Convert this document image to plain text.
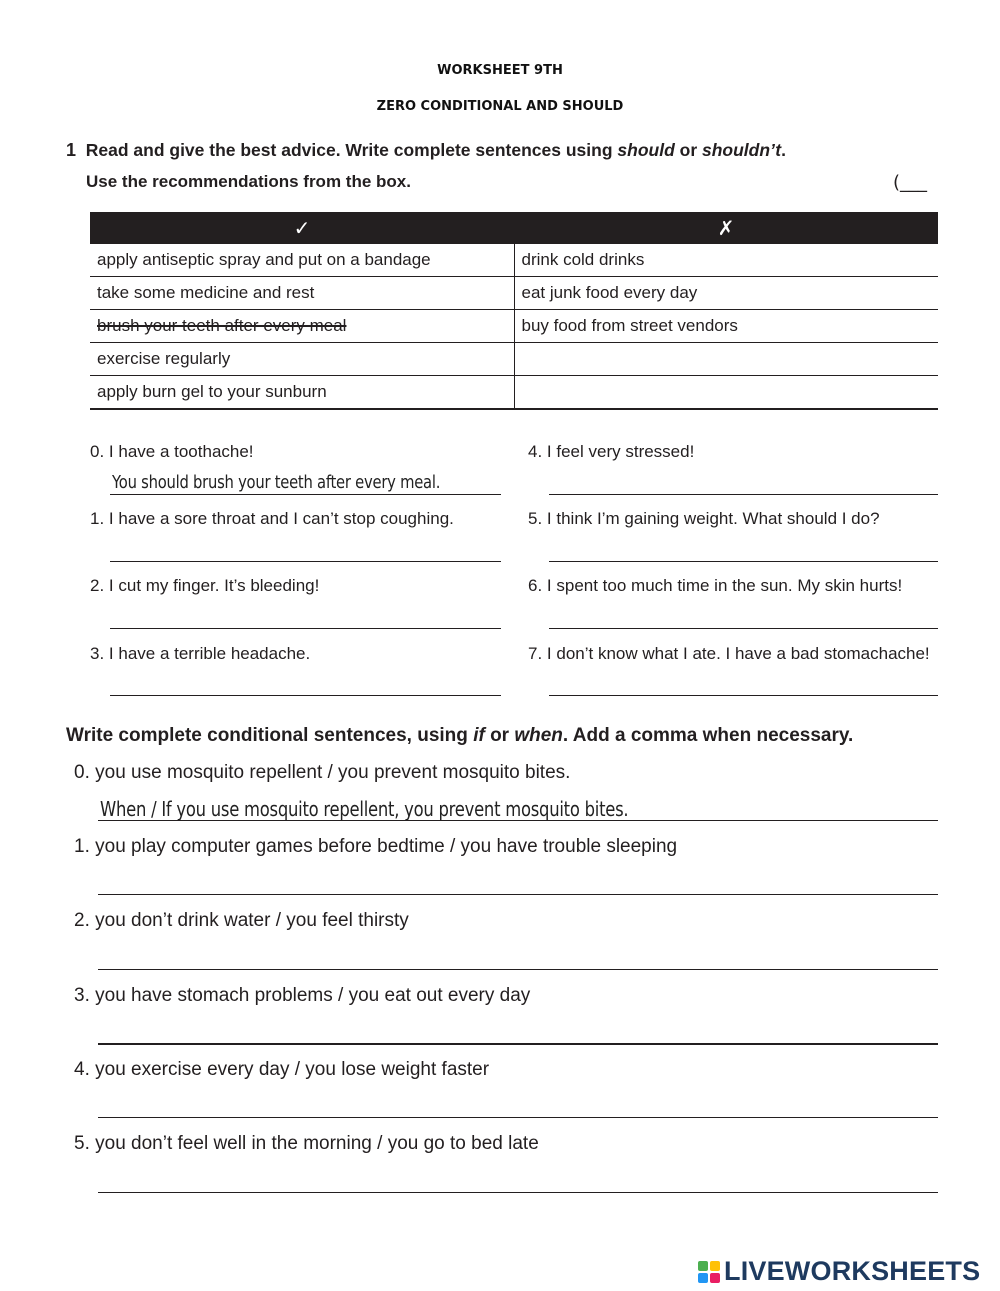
WORKSHEET 9TH
ZERO CONDITIONAL AND SHOULD
1 Read and give the best advice. Write complete sentences using should or shouldn’t.
Use the recommendations from the box.	(___
✓	✗
apply antiseptic spray and put on a bandage	drink cold drinks
take some medicine and rest	eat junk food every day
brush your teeth after every meal	buy food from street vendors
exercise regularly	
apply burn gel to your sunburn	
0. I have a toothache!
You should brush your teeth after every meal.
1. I have a sore throat and I can’t stop coughing.
2. I cut my finger. It’s bleeding!
3. I have a terrible headache.
4. I feel very stressed!
5. I think I’m gaining weight. What should I do?
6. I spent too much time in the sun. My skin hurts!
7. I don’t know what I ate. I have a bad stomachache!
Write complete conditional sentences, using if or when. Add a comma when necessary.
0. you use mosquito repellent / you prevent mosquito bites.
When / If you use mosquito repellent, you prevent mosquito bites.
1. you play computer games before bedtime / you have trouble sleeping
2. you don’t drink water / you feel thirsty
3. you have stomach problems / you eat out every day
4. you exercise every day / you lose weight faster
5. you don’t feel well in the morning / you go to bed late
LIVEWORKSHEETS
